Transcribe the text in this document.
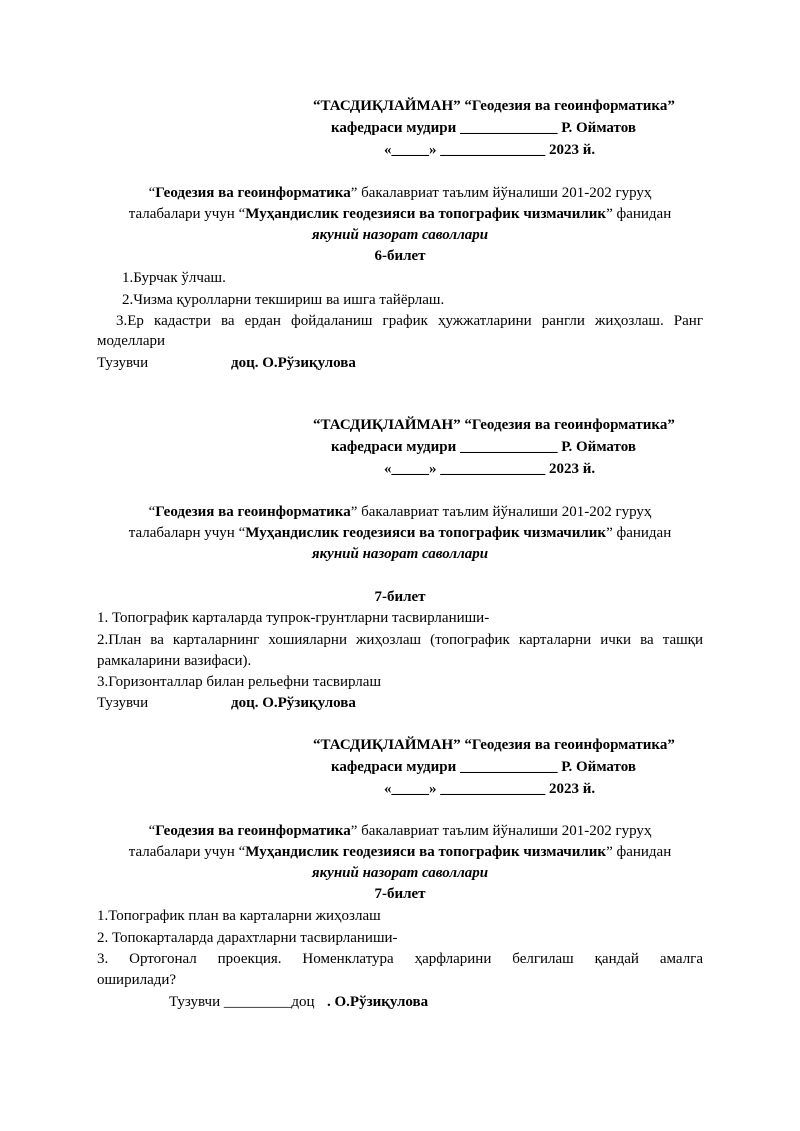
“ТАСДИҚЛАЙМАН” “Геодезия ва геоинформатика”
кафедраси мудири _____________ Р. Ойматов
«_____» ______________ 2023 й.
“Геодезия ва геоинформатика” бакалавриат таълим йўналиши 201-202 гуруҳ
талабалари учун “Муҳандислик геодезияси ва топографик чизмачилик” фанидан
якуний назорат саволлари
6-билет
1.Бурчак ўлчаш.
2.Чизма қуролларни текшириш ва ишга тайёрлаш.
3.Ер кадастри ва ердан фойдаланиш график ҳужжатларини рангли жиҳозлаш. Ранг
моделлари
Тузувчи	доц. О.Рўзиқулова
“ТАСДИҚЛАЙМАН” “Геодезия ва геоинформатика”
кафедраси мудири _____________ Р. Ойматов
«_____» ______________ 2023 й.
“Геодезия ва геоинформатика” бакалавриат таълим йўналиши 201-202 гуруҳ
талабаларн учун “Муҳандислик геодезияси ва топографик чизмачилик” фанидан
якуний назорат саволлари
7-билет
1. Топографик карталарда тупрок-грунтларни тасвирланиши-
2.План ва карталарнинг хошияларни жиҳозлаш (топографик карталарни ички ва ташқи
рамкаларини вазифаси).
3.Горизонталлар билан рельефни тасвирлаш
Тузувчи	доц. О.Рўзиқулова
“ТАСДИҚЛАЙМАН” “Геодезия ва геоинформатика”
кафедраси мудири _____________ Р. Ойматов
«_____» ______________ 2023 й.
“Геодезия ва геоинформатика” бакалавриат таълим йўналиши 201-202 гуруҳ
талабалари учун “Муҳандислик геодезияси ва топографик чизмачилик” фанидан
якуний назорат саволлари
7-билет
1.Топографик план ва карталарни жиҳозлаш
2. Топокарталарда дарахтларни тасвирланиши-
3. Ортогонал проекция. Номенклатура ҳарфларини белгилаш қандай амалга
оширилади?
Тузувчи _________доц . О.Рўзиқулова
